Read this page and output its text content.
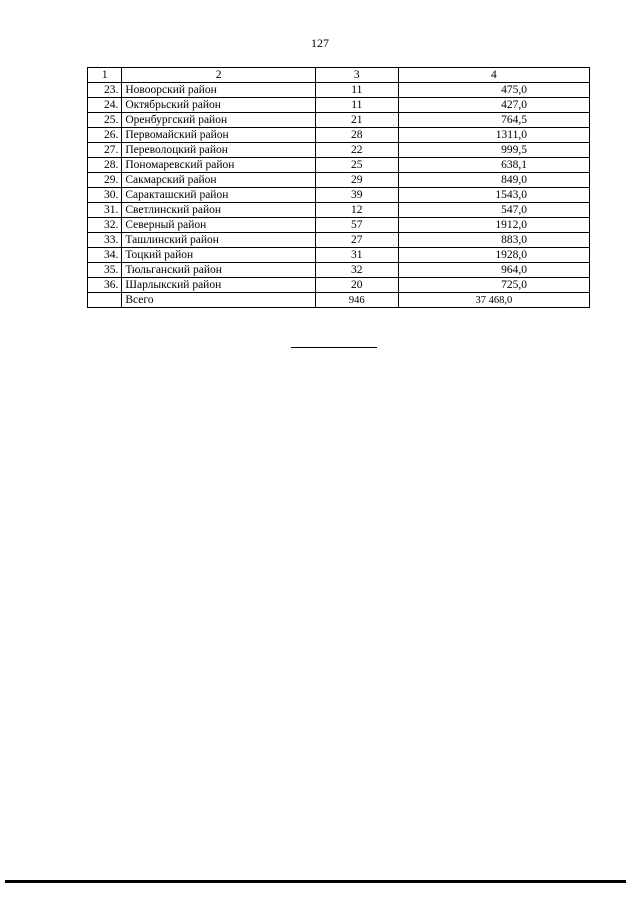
127
1	2	3	4
23.	Новоорский район	11	475,0
24.	Октябрьский район	11	427,0
25.	Оренбургский район	21	764,5
26.	Первомайский район	28	1311,0
27.	Переволоцкий район	22	999,5
28.	Пономаревский район	25	638,1
29.	Сакмарский район	29	849,0
30.	Саракташский район	39	1543,0
31.	Светлинский район	12	547,0
32.	Северный район	57	1912,0
33.	Ташлинский район	27	883,0
34.	Тоцкий район	31	1928,0
35.	Тюльганский район	32	964,0
36.	Шарлыкский район	20	725,0
	Всего	946	37 468,0
